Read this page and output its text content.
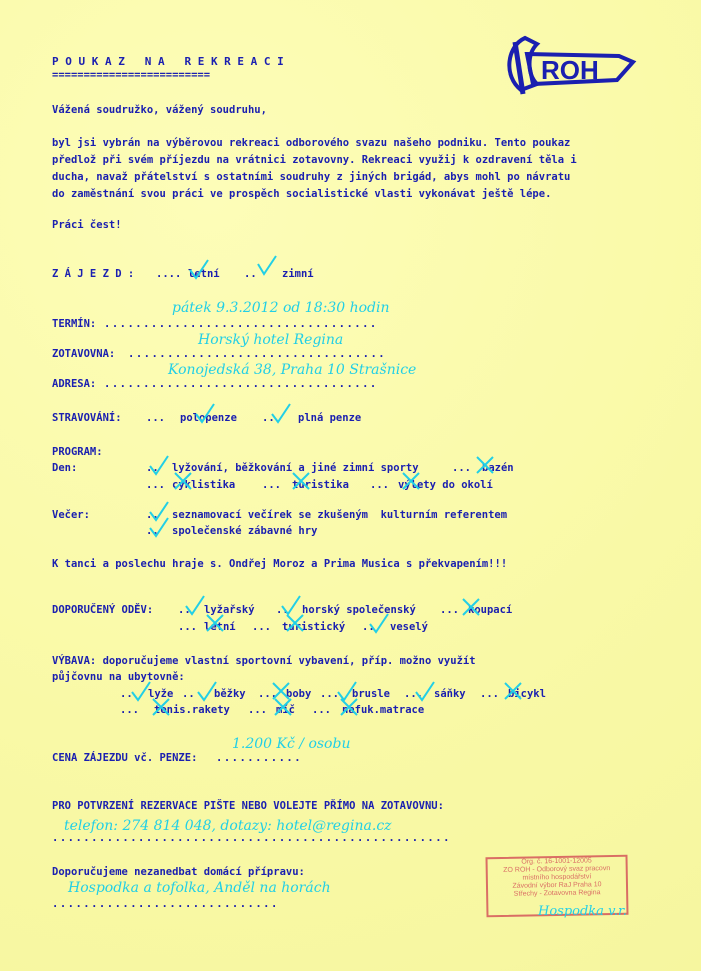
ROH
P O U K A Z   N A   R E K R E A C I
=========================
Vážená soudružko, vážený soudruhu,
byl jsi vybrán na výběrovou rekreaci odborového svazu našeho podniku. Tento poukaz
předlož při svém příjezdu na vrátnici zotavovny. Rekreaci využij k ozdravení těla i
ducha, navaž přátelství s ostatními soudruhy z jiných brigád, abys mohl po návratu
do zaměstnání svou práci ve prospěch socialistické vlasti vykonávat ještě lépe.
Práci čest!
Z Á J E Z D : .... letní .. zimní
TERMÍN: ...................................
pátek 9.3.2012 od 18:30 hodin
ZOTAVOVNA: .................................
Horský hotel Regina
ADRESA: ...................................
Konojedská 38, Praha 10 Strašnice
STRAVOVÁNÍ: ... polopenze .. plná penze
PROGRAM:
Den:	.. lyžování, běžkování a jiné zimní sporty	... bazén
... cyklistika	... turistika ... výlety do okolí
Večer:	.. seznamovací večírek se zkušeným  kulturním referentem
.. společenské zábavné hry
K tanci a poslechu hraje s. Ondřej Moroz a Prima Musica s překvapením!!!
DOPORUČENÝ ODĚV: .. lyžařský .. horský společenský ... koupací
... letní ... turistický .. veselý
VÝBAVA: doporučujeme vlastní sportovní vybavení, příp. možno využít
půjčovnu na ubytovně:
.. lyže .. běžky ... boby ... brusle ... sáňky ... bicykl
... tenis.rakety ... míč ... nafuk.matrace
CENA ZÁJEZDU vč. PENZE: ...........
1.200 Kč / osobu
PRO POTVRZENÍ REZERVACE PIŠTE NEBO VOLEJTE PŘÍMO NA ZOTAVOVNU:
...................................................
telefon: 274 814 048, dotazy: hotel@regina.cz
Doporučujeme nezanedbat domácí přípravu:
.............................
Hospodka a tofolka, Anděl na horách
Org. č. 16-1001-12005
ZO ROH - Odborový svaz pracovn
místního hospodářství
Závodní výbor RaJ Praha 10
Střechy - Zotavovna Regina
Hospodka v.r.
